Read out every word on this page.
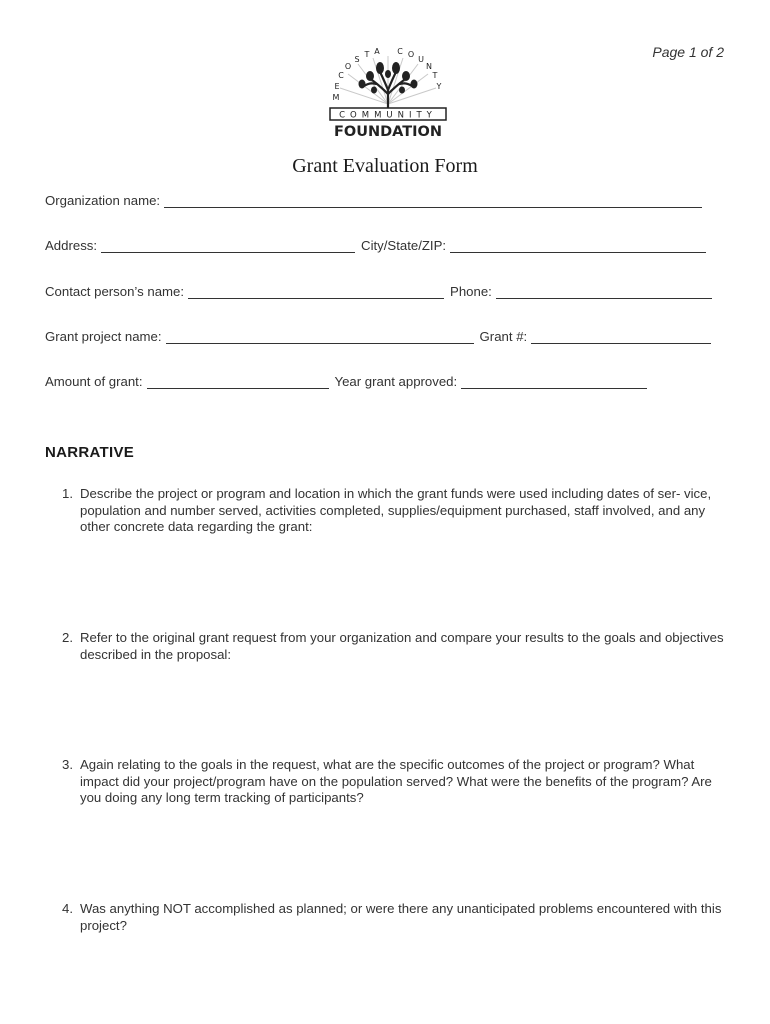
Page 1 of 2
M
E
C
O
S
T A C O
U
N
T
Y
COMMUNITY
FOUNDATION
Grant Evaluation Form
Organization name:
Address:	City/State/ZIP:
Contact person’s name:	Phone:
Grant project name:	Grant #:
Amount of grant:	Year grant approved:
NARRATIVE
1. Describe the project or program and location in which the grant funds were used including dates of ser- vice, population and number served, activities completed, supplies/equipment purchased, staff involved, and any other concrete data regarding the grant:
2. Refer to the original grant request from your organization and compare your results to the goals and objectives described in the proposal:
3. Again relating to the goals in the request, what are the specific outcomes of the project or program? What impact did your project/program have on the population served? What were the benefits of the program? Are you doing any long term tracking of participants?
4. Was anything NOT accomplished as planned; or were there any unanticipated problems encountered with this project?
